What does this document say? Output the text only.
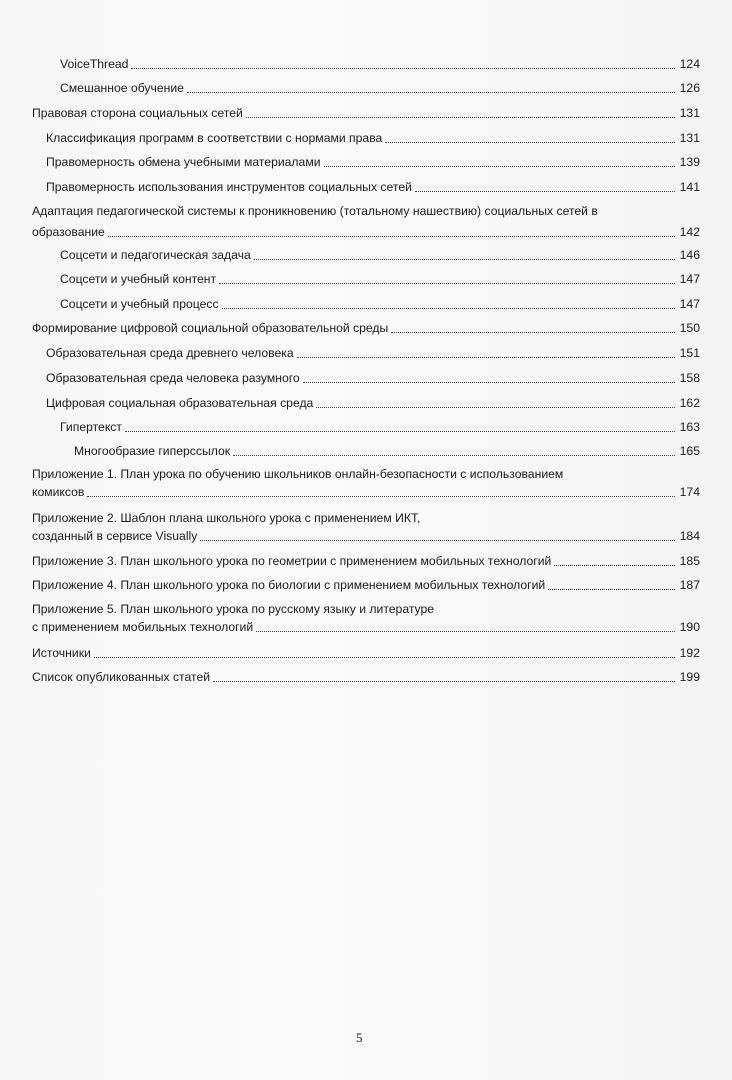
VoiceThread	124
Смешанное обучение	126
Правовая сторона социальных сетей	131
Классификация программ в соответствии с нормами права	131
Правомерность обмена учебными материалами	139
Правомерность использования инструментов социальных сетей	141
Адаптация педагогической системы к проникновению (тотальному нашествию) социальных сетей в
образование	142
Соцсети и педагогическая задача	146
Соцсети и учебный контент	147
Соцсети и учебный процесс	147
Формирование цифровой социальной образовательной среды	150
Образовательная среда древнего человека	151
Образовательная среда человека разумного	158
Цифровая социальная образовательная среда	162
Гипертекст	163
Многообразие гиперссылок	165
Приложение 1. План урока по обучению школьников онлайн-безопасности с использованием
комиксов	174
Приложение 2. Шаблон плана школьного урока с применением ИКТ,
созданный в сервисе Visually	184
Приложение 3. План школьного урока по геометрии с применением мобильных технологий	185
Приложение 4. План школьного урока по биологии с применением мобильных технологий	187
Приложение 5. План школьного урока по русскому языку и литературе
с применением мобильных технологий	190
Источники	192
Список опубликованных статей	199
5
